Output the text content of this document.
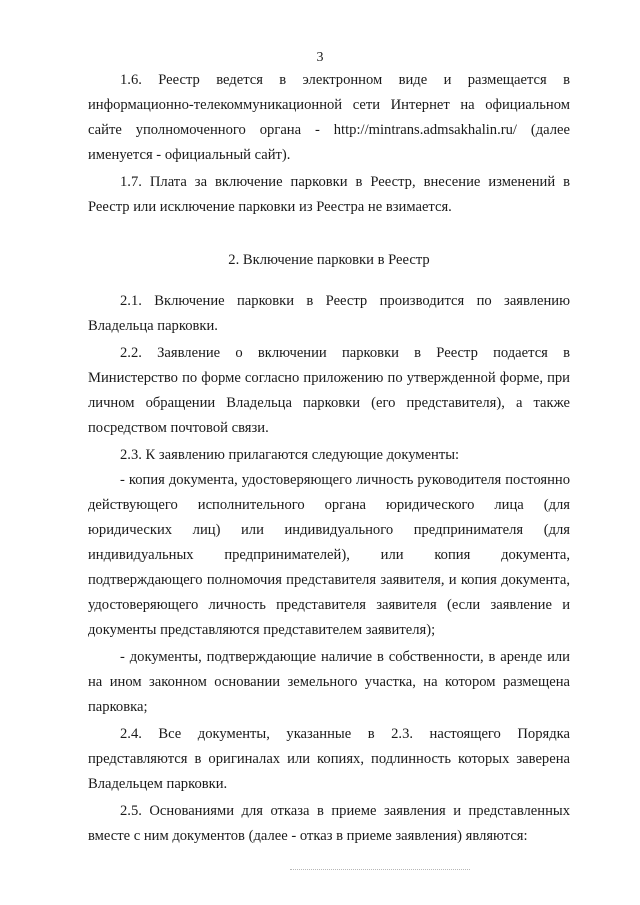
3

1.6. Реестр ведется в электронном виде и размещается в информационно-телекоммуникационной сети Интернет на официальном сайте уполномоченного органа - http://mintrans.admsakhalin.ru/ (далее именуется - официальный сайт).

1.7. Плата за включение парковки в Реестр, внесение изменений в Реестр или исключение парковки из Реестра не взимается.

2. Включение парковки в Реестр

2.1. Включение парковки в Реестр производится по заявлению Владельца парковки.

2.2. Заявление о включении парковки в Реестр подается в Министерство по форме согласно приложению по утвержденной форме, при личном обращении Владельца парковки (его представителя), а также посредством почтовой связи.

2.3. К заявлению прилагаются следующие документы:

- копия документа, удостоверяющего личность руководителя постоянно действующего исполнительного органа юридического лица (для юридических лиц) или индивидуального предпринимателя (для индивидуальных предпринимателей), или копия документа, подтверждающего полномочия представителя заявителя, и копия документа, удостоверяющего личность представителя заявителя (если заявление и документы представляются представителем заявителя);

- документы, подтверждающие наличие в собственности, в аренде или на ином законном основании земельного участка, на котором размещена парковка;

2.4. Все документы, указанные в 2.3. настоящего Порядка представляются в оригиналах или копиях, подлинность которых заверена Владельцем парковки.

2.5. Основаниями для отказа в приеме заявления и представленных вместе с ним документов (далее - отказ в приеме заявления) являются:
